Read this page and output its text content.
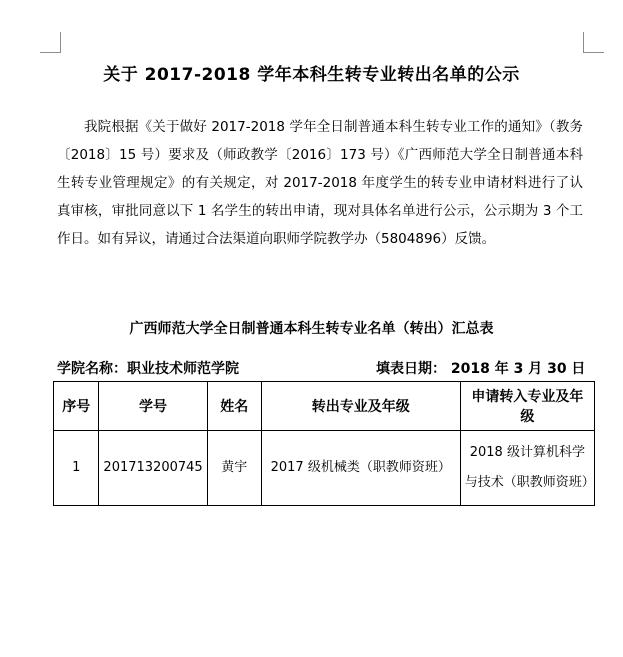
关于 2017-2018 学年本科生转专业转出名单的公示
我院根据《关于做好 2017-2018 学年全日制普通本科生转专业工作的通知》（教务〔2018〕15 号）要求及（师政教学〔2016〕173 号）《广西师范大学全日制普通本科生转专业管理规定》的有关规定，对 2017-2018 年度学生的转专业申请材料进行了认真审核，审批同意以下 1 名学生的转出申请，现对具体名单进行公示，公示期为 3 个工作日。如有异议，请通过合法渠道向职师学院教学办（5804896）反馈。
广西师范大学全日制普通本科生转专业名单（转出）汇总表
学院名称：职业技术师范学院	填表日期： 2018 年 3 月 30 日
序号	学号	姓名	转出专业及年级	申请转入专业及年级
1	201713200745	黄宇	2017 级机械类（职教师资班）	2018 级计算机科学与技术（职教师资班）
